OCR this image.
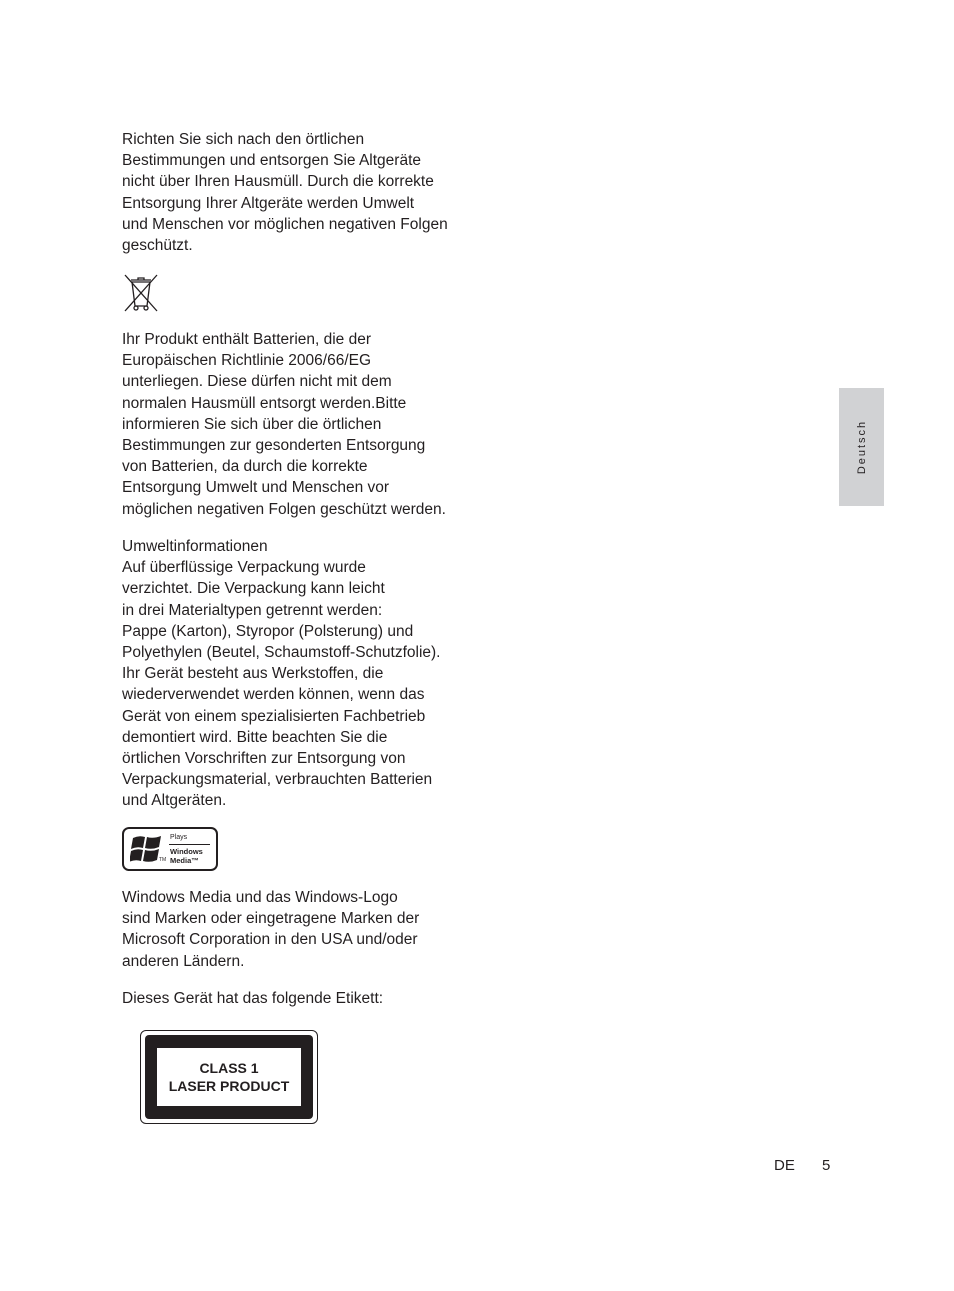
Richten Sie sich nach den örtlichen
Bestimmungen und entsorgen Sie Altgeräte
nicht über Ihren Hausmüll. Durch die korrekte
Entsorgung Ihrer Altgeräte werden Umwelt
und Menschen vor möglichen negativen Folgen
geschützt.

Ihr Produkt enthält Batterien, die der
Europäischen Richtlinie 2006/66/EG
unterliegen. Diese dürfen nicht mit dem
normalen Hausmüll entsorgt werden.Bitte
informieren Sie sich über die örtlichen
Bestimmungen zur gesonderten Entsorgung
von Batterien, da durch die korrekte
Entsorgung Umwelt und Menschen vor
möglichen negativen Folgen geschützt werden.

Umweltinformationen

Auf überflüssige Verpackung wurde
verzichtet. Die Verpackung kann leicht
in drei Materialtypen getrennt werden:
Pappe (Karton), Styropor (Polsterung) und
Polyethylen (Beutel, Schaumstoff-Schutzfolie).
Ihr Gerät besteht aus Werkstoffen, die
wiederverwendet werden können, wenn das
Gerät von einem spezialisierten Fachbetrieb
demontiert wird. Bitte beachten Sie die
örtlichen Vorschriften zur Entsorgung von
Verpackungsmaterial, verbrauchten Batterien
und Altgeräten.

TM
Plays
Windows
Media™

Windows Media und das Windows-Logo
sind Marken oder eingetragene Marken der
Microsoft Corporation in den USA und/oder
anderen Ländern.

Dieses Gerät hat das folgende Etikett:

CLASS 1
LASER PRODUCT
Deutsch
DE 5
